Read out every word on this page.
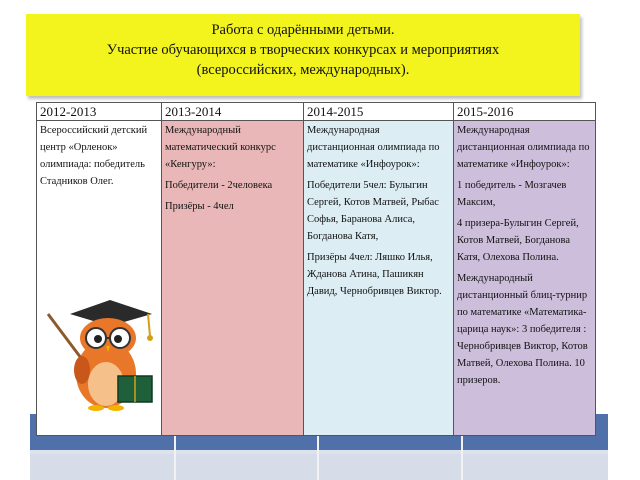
Работа с одарёнными детьми.
Участие обучающихся в творческих конкурсах и мероприятиях
(всероссийских, международных).
2012-2013

Всероссийский детский центр «Орленок» олимпиада: победитель Стадников Олег.

2013-2014

Международный математический конкурс «Кенгуру»:

Победители - 2человека

Призёры - 4чел

2014-2015

Международная дистанционная олимпиада по математике «Инфоурок»:

Победители 5чел: Булыгин Сергей, Котов Матвей, Рыбас Софья, Баранова Алиса, Богданова Катя,

Призёры 4чел: Ляшко Илья, Жданова Атина, Пашикян Давид, Чернобривцев Виктор.

2015-2016

Международная дистанционная олимпиада по математике «Инфоурок»:

1 победитель - Мозгачев Максим,

4 призера-Булыгин Сергей, Котов Матвей, Богданова Катя, Олехова Полина.

Международный дистанционный блиц-турнир по математике «Математика- царица наук»: 3 победителя : Чернобривцев Виктор, Котов Матвей, Олехова Полина. 10 призеров.
